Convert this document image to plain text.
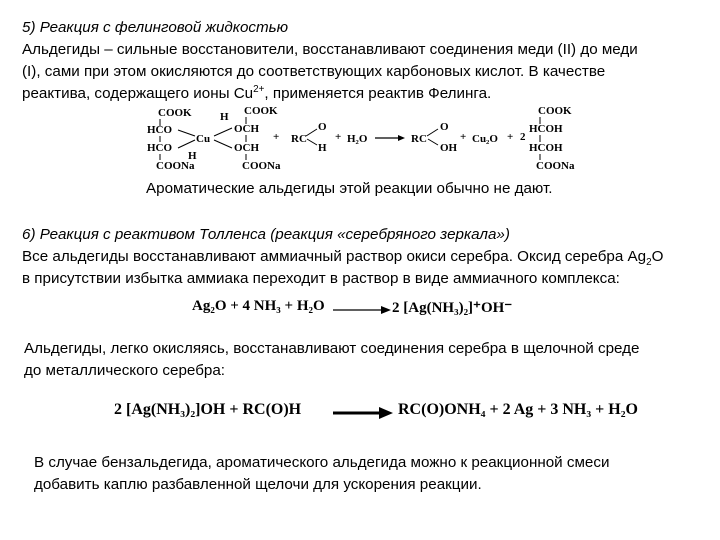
5) Реакция с фелинговой жидкостью

Альдегиды – сильные восстановители, восстанавливают соединения меди (II) до меди

(I), сами при этом окисляются до соответствующих карбоновых кислот. В качестве

реактива, содержащего ионы $Cu^{2+}$, применяется реактив Фелинга.

COOK
HCO
HCO
COONa
Cu
H
H
COOK
OCH
OCH
COONa
+ RC
O
H
+ H₂O	RC
O
OH
+ Cu₂O + 2
COOK
HCOH
HCOH
COONa

Ароматические альдегиды этой реакции обычно не дают.

6) Реакция с реактивом Толленса (реакция «серебряного зеркала»)

Все альдегиды восстанавливают аммиачный раствор окиси серебра. Оксид серебра $Ag_2O$

в присутствии избытка аммиака переходит в раствор в виде аммиачного комплекса:

Ag₂O + 4 NH₃ + H₂O	2 [Ag(NH₃)₂]⁺OH⁻

Альдегиды, легко окисляясь, восстанавливают соединения серебра в щелочной среде

до металлического серебра:

2 [Ag(NH₃)₂]OH + RC(O)H	RC(O)ONH₄ + 2 Ag + 3 NH₃ + H₂O

В случае бензальдегида, ароматического альдегида можно к реакционной смеси

добавить каплю разбавленной щелочи для ускорения реакции.
